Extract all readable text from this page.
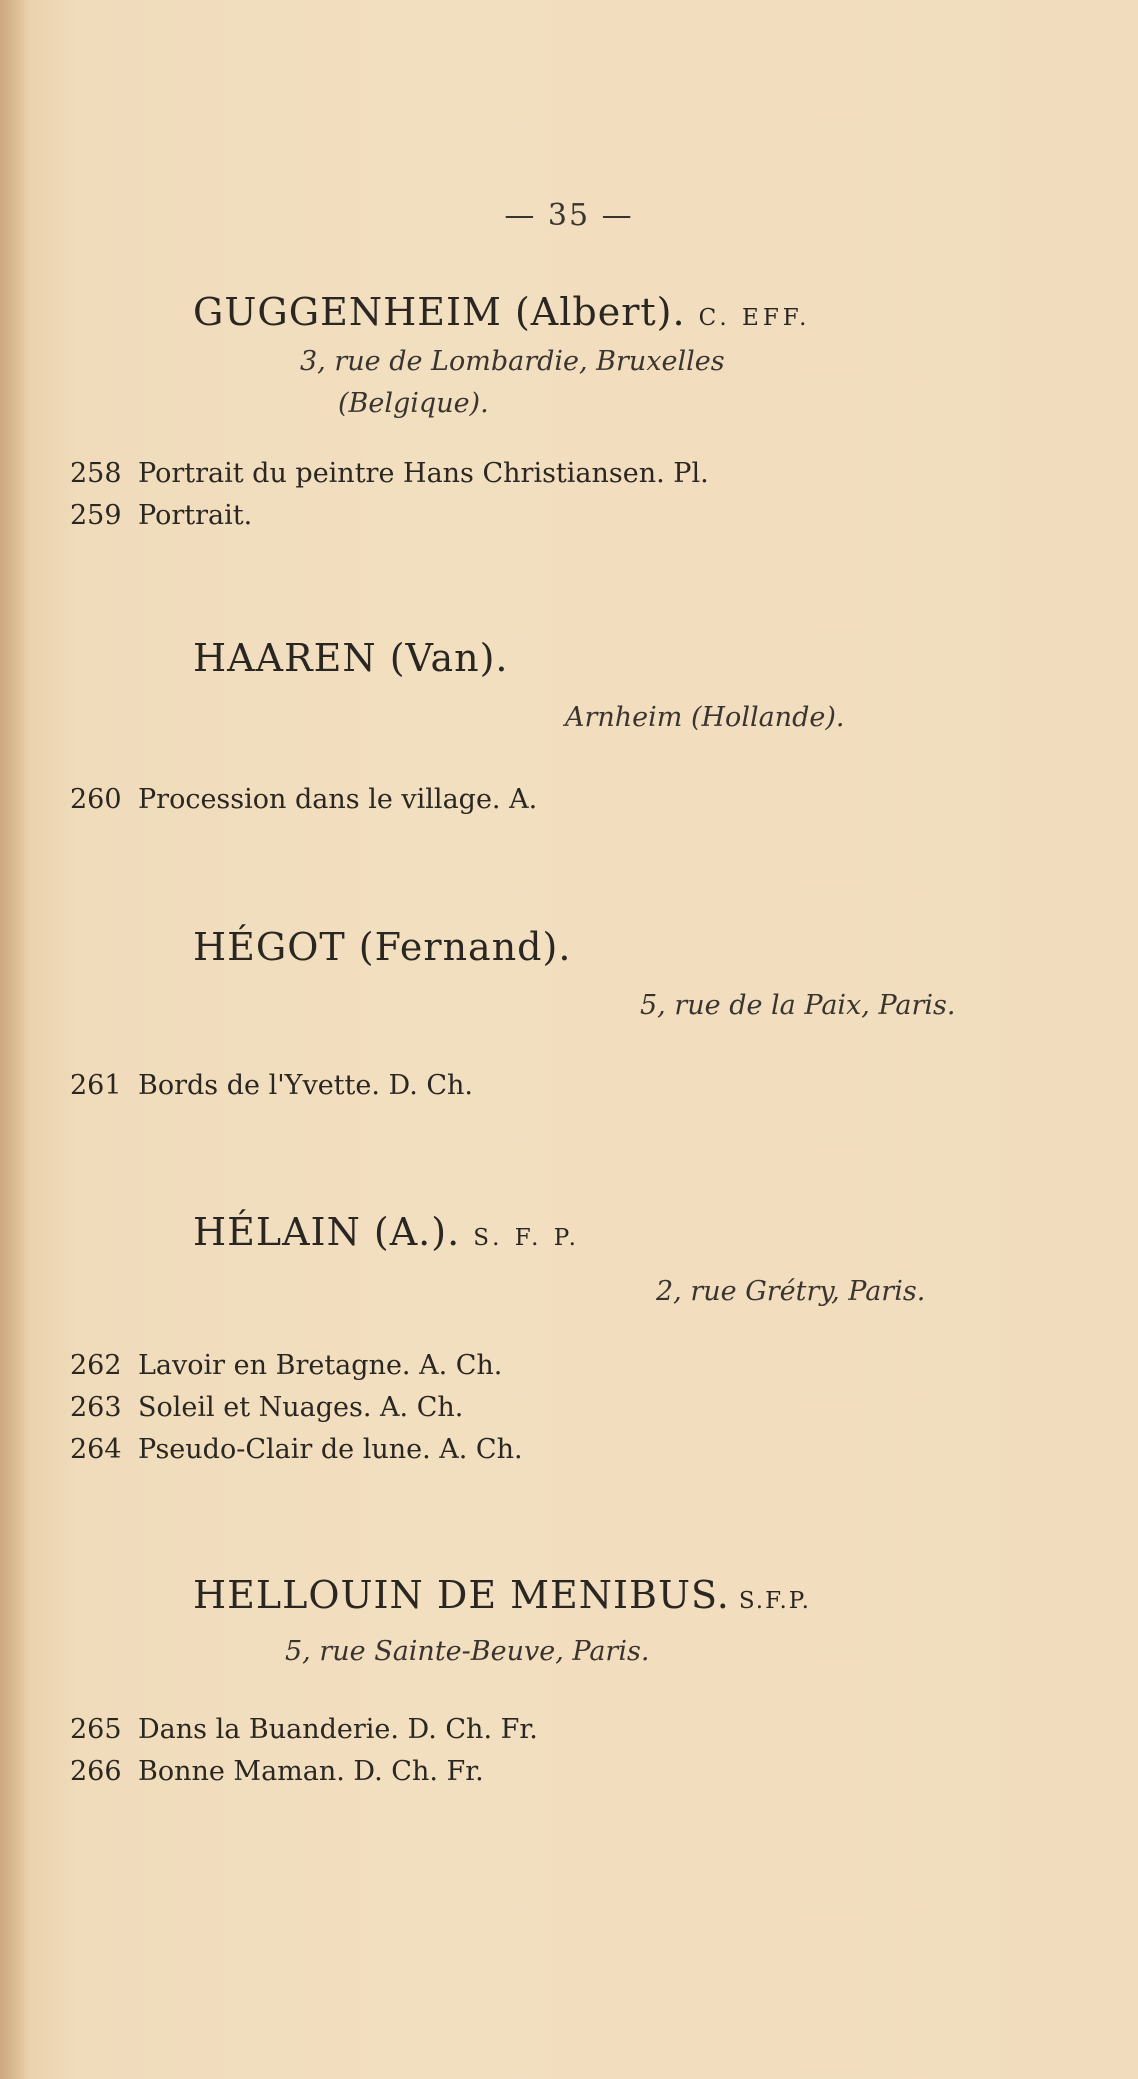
— 35 —
GUGGENHEIM (Albert). C. EFF.
3, rue de Lombardie, Bruxelles
(Belgique).
258 Portrait du peintre Hans Christiansen. Pl.
259 Portrait.
HAAREN (Van).
Arnheim (Hollande).
260 Procession dans le village. A.
HÉGOT (Fernand).
5, rue de la Paix, Paris.
261 Bords de l'Yvette. D. Ch.
HÉLAIN (A.). S. F. P.
2, rue Grétry, Paris.
262 Lavoir en Bretagne. A. Ch.
263 Soleil et Nuages. A. Ch.
264 Pseudo-Clair de lune. A. Ch.
HELLOUIN DE MENIBUS. S.F.P.
5, rue Sainte-Beuve, Paris.
265 Dans la Buanderie. D. Ch. Fr.
266 Bonne Maman. D. Ch. Fr.
